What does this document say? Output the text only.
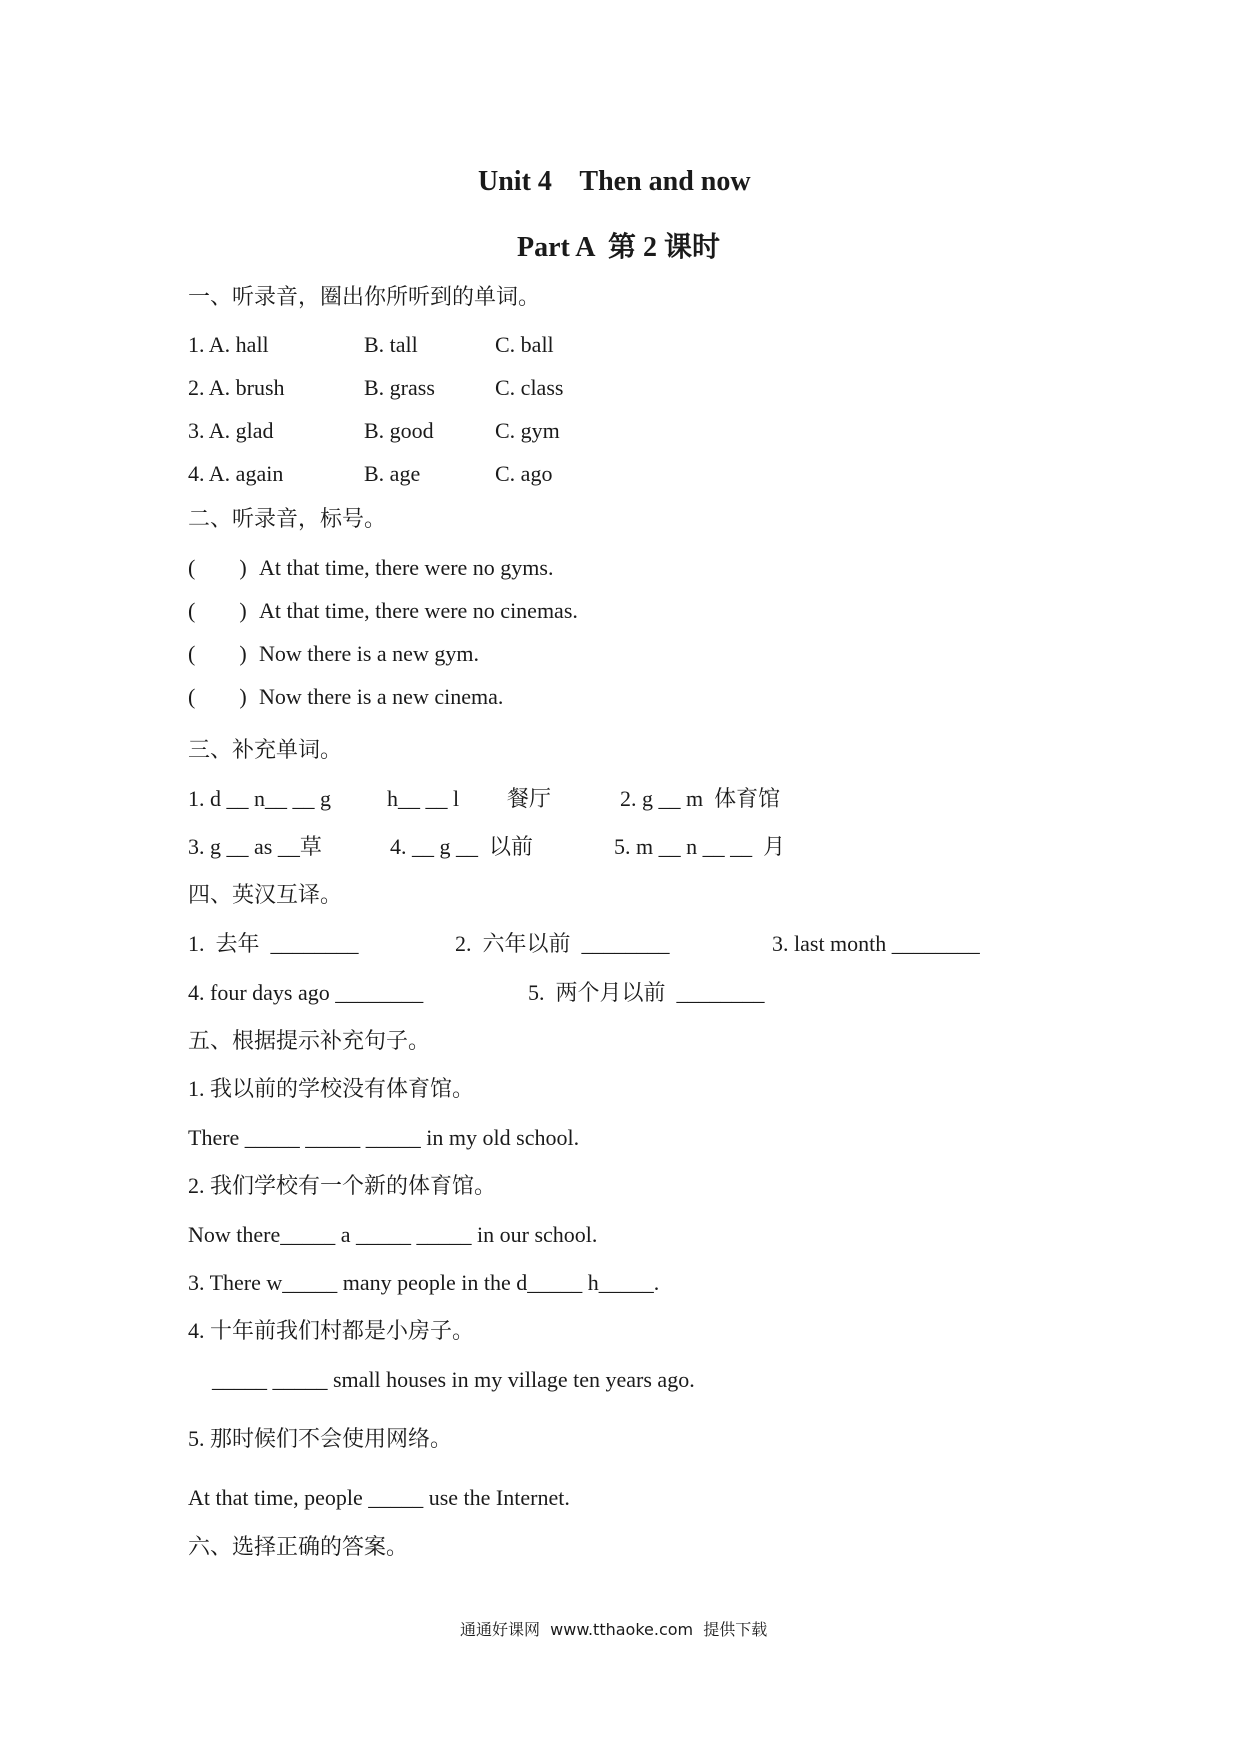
Unit 4    Then and now
Part A  第 2 课时
一、听录音，圈出你所听到的单词。
1. A. hall	B. tall	C. ball
2. A. brush	B. grass	C. class
3. A. glad	B. good	C. gym
4. A. again	B. age	C. ago
二、听录音，标号。
(        ) At that time, there were no gyms.
(        ) At that time, there were no cinemas.
(        ) Now there is a new gym.
(        ) Now there is a new cinema.
三、补充单词。
1. d __ n__ __ g	h__ __ l 餐厅	2. g __ m  体育馆
3. g __ as __草	4. __ g __  以前	5. m __ n __ __  月
四、英汉互译。
1.  去年  ________	2.  六年以前  ________	3. last month ________
4. four days ago ________	5.  两个月以前  ________
五、根据提示补充句子。
1. 我以前的学校没有体育馆。
There _____ _____ _____ in my old school.
2. 我们学校有一个新的体育馆。
Now there_____ a _____ _____ in our school.
3. There w_____ many people in the d_____ h_____.
4. 十年前我们村都是小房子。
_____ _____ small houses in my village ten years ago.
5. 那时候们不会使用网络。
At that time, people _____ use the Internet.
六、选择正确的答案。
通通好课网  www.tthaoke.com  提供下载
